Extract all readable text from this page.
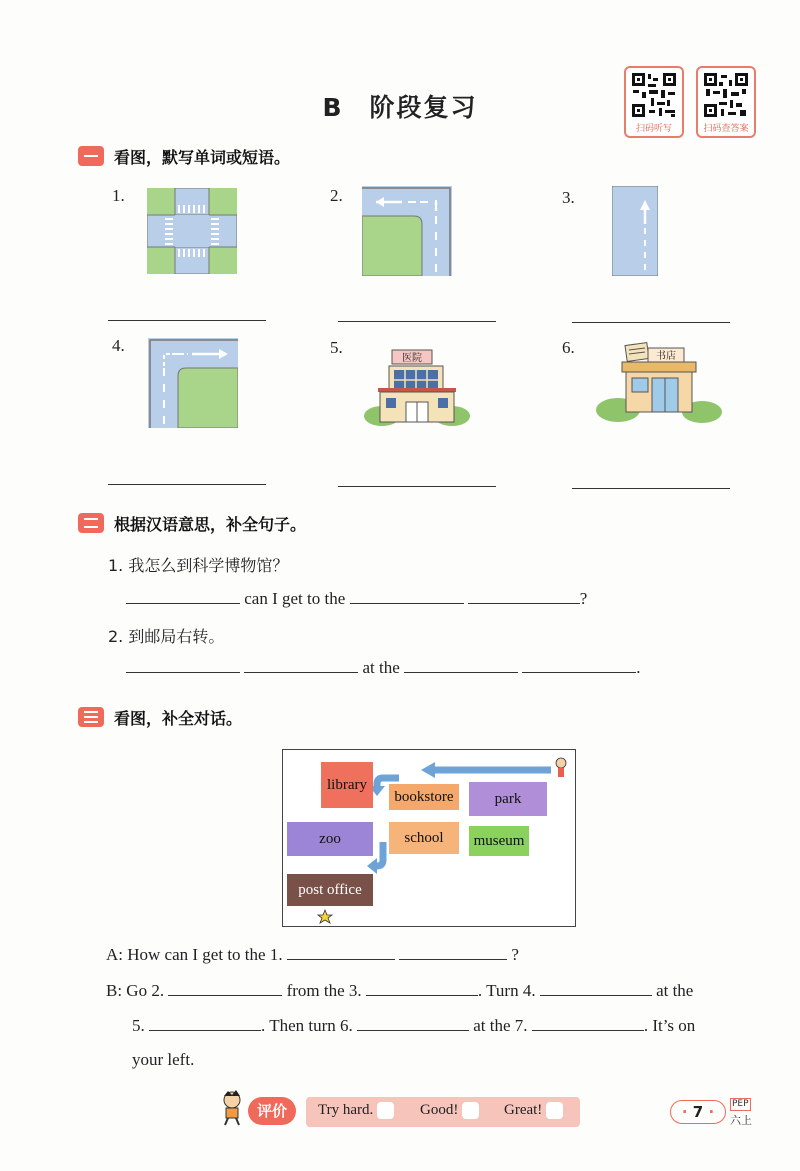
B 阶段复习
扫码听写	扫码查答案
看图，默写单词或短语。
1.	2.	3.
4.	5.
医院
6.	书店
根据汉语意思，补全句子。
1. 我怎么到科学博物馆？
can I get to the	?
2. 到邮局右转。
at the	.
看图，补全对话。
library
bookstore	park
zoo	school	museum
post office
A: How can I get to the 1.	?
B: Go 2.	from the 3.	. Turn 4.	at the
5.	. Then turn 6.	at the 7.	. It’s on
your left.
评价	Try hard.	Good!	Great!	· 7 ·	PEP
六上
